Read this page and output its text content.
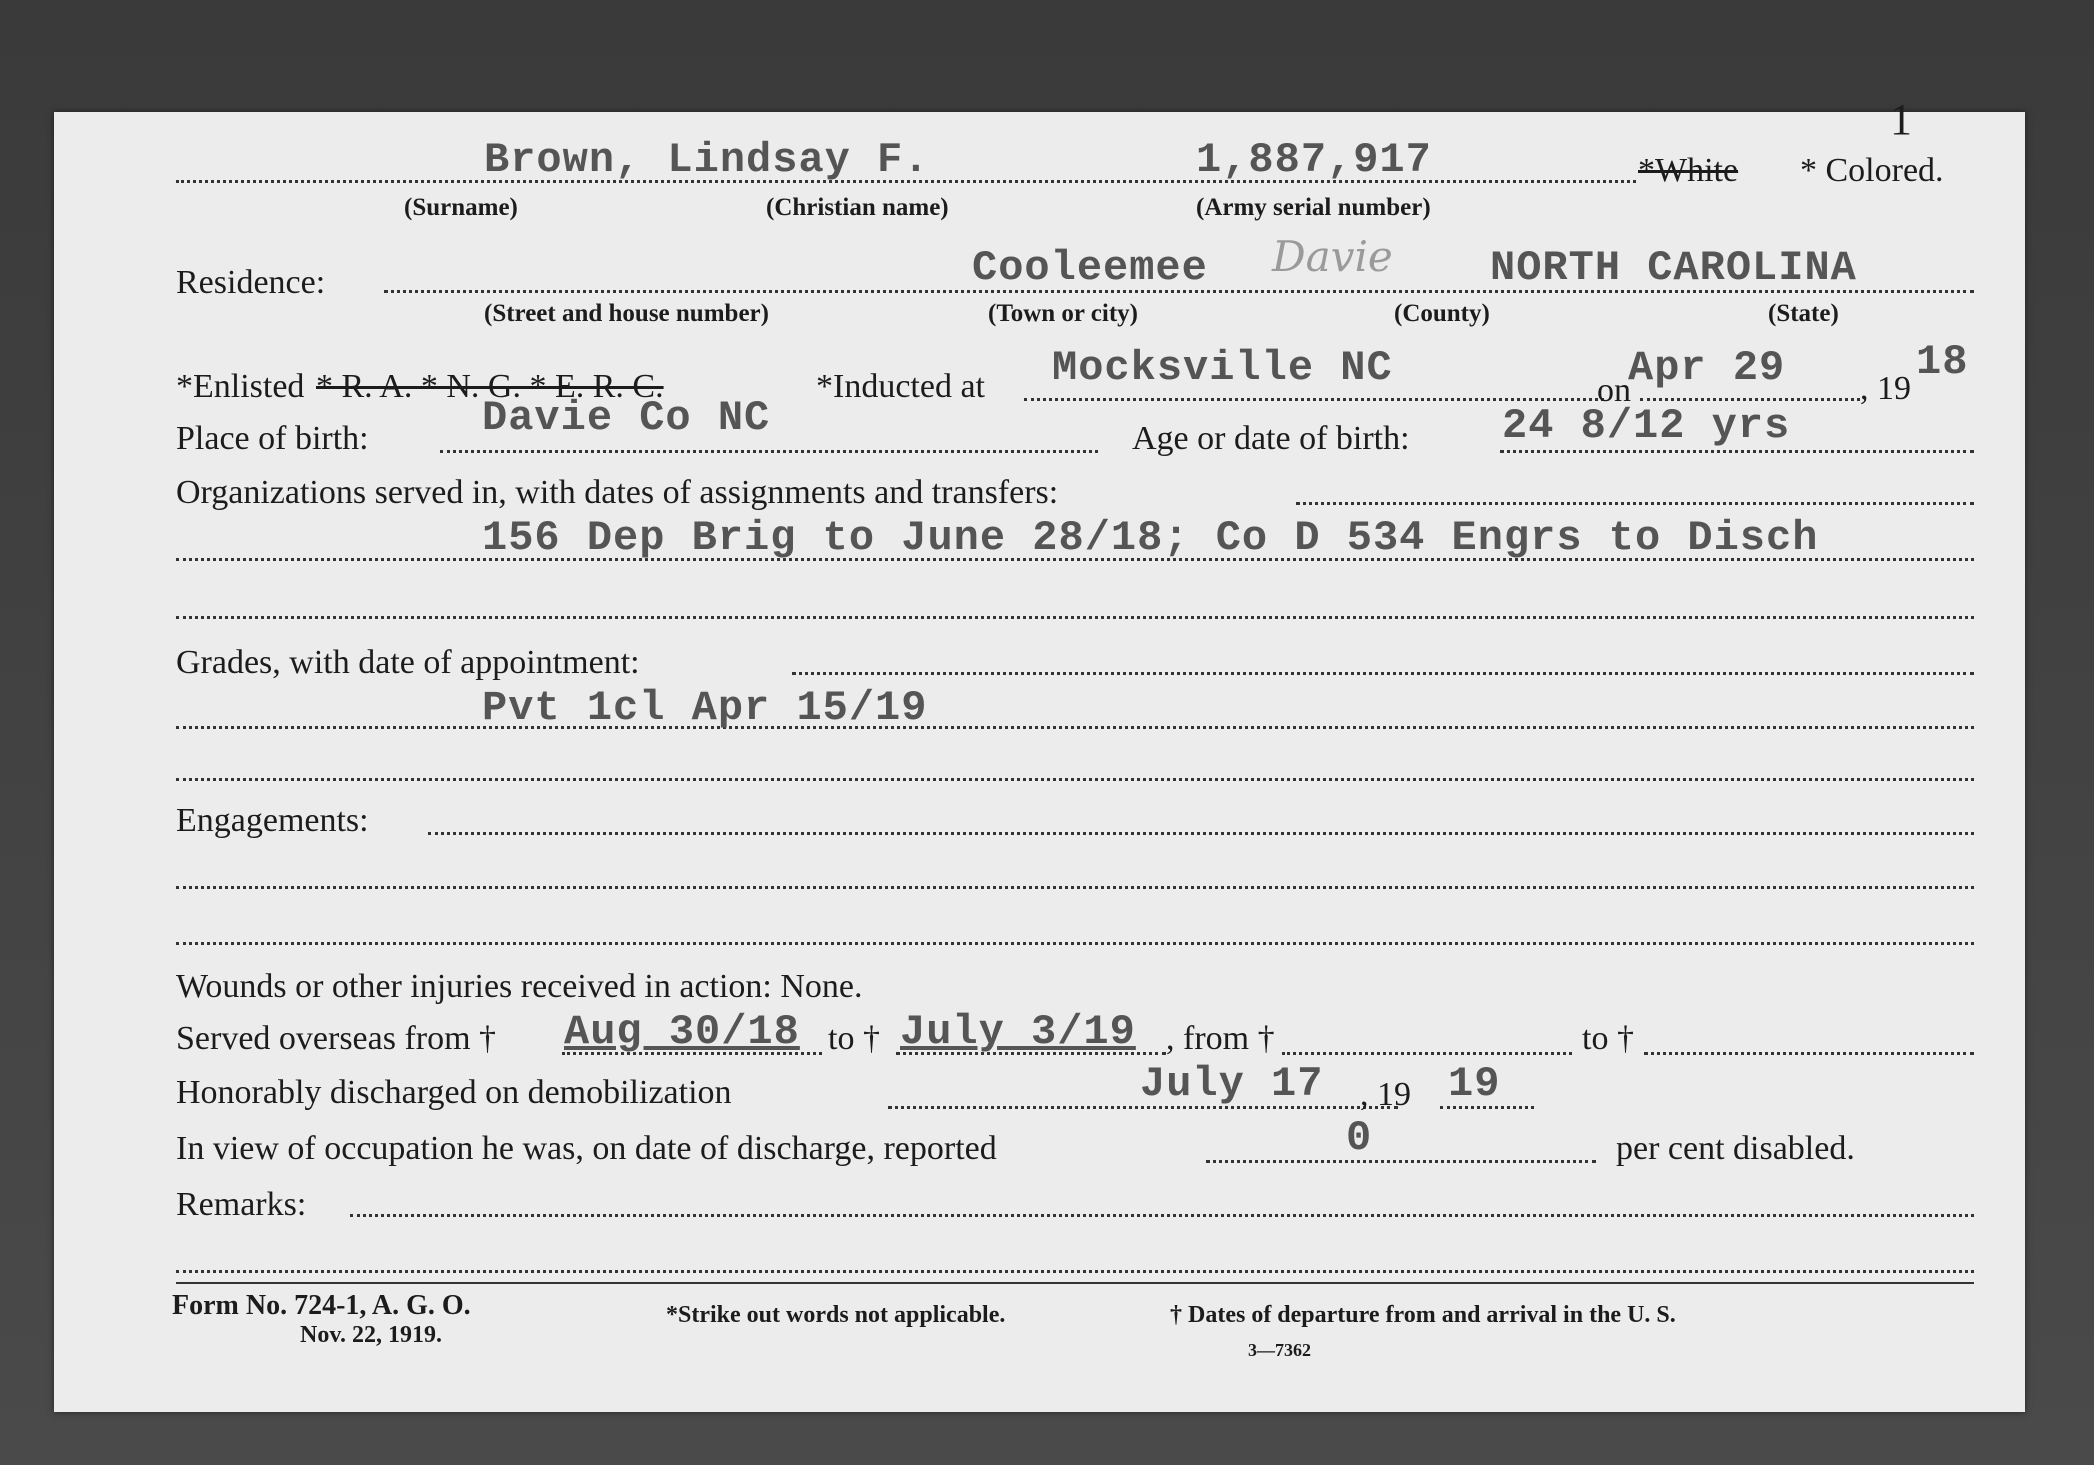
1
Brown, Lindsay F.	1,887,917	*White * Colored.
(Surname)	(Christian name)	(Army serial number)
Residence:	Cooleemee Davie NORTH CAROLINA
(Street and house number)	(Town or city)	(County)	(State)
*Enlisted * R. A. * N. G. * E. R. C.	*Inducted at Mocksville NC	on
Apr 29 , 19
18
Place of birth:	Davie Co NC	Age or date of birth: 24 8/12 yrs
Organizations served in, with dates of assignments and transfers:
156 Dep Brig to June 28/18; Co D 534 Engrs to Disch
Grades, with date of appointment:
Pvt 1cl Apr 15/19
Engagements:
Wounds or other injuries received in action: None.
Served overseas from † Aug 30/18 to † July 3/19 , from †	to †
Honorably discharged on demobilization	July 17 , 19 19
In view of occupation he was, on date of discharge, reported	0	per cent disabled.
Remarks:
Form No. 724-1, A. G. O.
Nov. 22, 1919.
*Strike out words not applicable.	† Dates of departure from and arrival in the U. S.
3—7362
